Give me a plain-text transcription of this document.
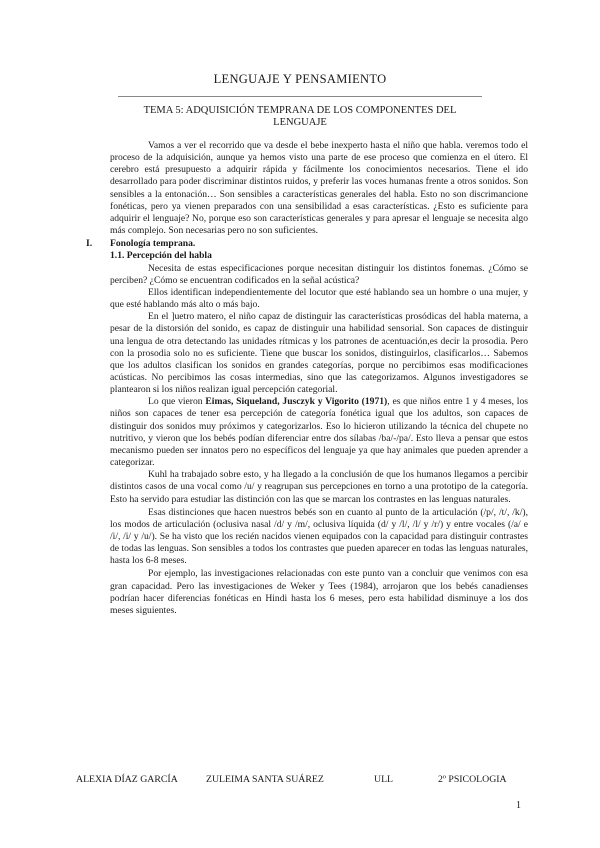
LENGUAJE Y PENSAMIENTO
TEMA 5: ADQUISICIÓN TEMPRANA DE LOS COMPONENTES DEL LENGUAJE

Vamos a ver el recorrido que va desde el bebe inexperto hasta el niño que habla. veremos todo el proceso de la adquisición, aunque ya hemos visto una parte de ese proceso que comienza en el útero. El cerebro está presupuesto a adquirir rápida y fácilmente los conocimientos necesarios. Tiene el ido desarrollado para poder discriminar distintos ruidos, y preferir las voces humanas frente a otros sonidos. Son sensibles a la entonación… Son sensibles a características generales del habla. Esto no son discrimancione fonéticas, pero ya vienen preparados con una sensibilidad a esas características. ¿Esto es suficiente para adquirir el lenguaje? No, porque eso son características generales y para apresar el lenguaje se necesita algo más complejo. Son necesarias pero no son suficientes.

I. Fonología temprana.
1.1. Percepción del habla

Necesita de estas especificaciones porque necesitan distinguir los distintos fonemas. ¿Cómo se perciben? ¿Cómo se encuentran codificados en la señal acústica?

Ellos identifican independientemente del locutor que esté hablando sea un hombre o una mujer, y que esté hablando más alto o más bajo.

En el ]uetro matero, el niño capaz de distinguir las características prosódicas del habla materna, a pesar de la distorsión del sonido, es capaz de distinguir una habilidad sensorial. Son capaces de distinguir una lengua de otra detectando las unidades rítmicas y los patrones de acentuación,es decir la prosodia. Pero con la prosodia solo no es suficiente. Tiene que buscar los sonidos, distinguirlos, clasificarlos… Sabemos que los adultos clasifican los sonidos en grandes categorías, porque no percibimos esas modificaciones acústicas. No percibimos las cosas intermedias, sino que las categorizamos. Algunos investigadores se plantearon si los niños realizan igual percepción categorial.

Lo que vieron Eimas, Siqueland, Jusczyk y Vigorito (1971), es que niños entre 1 y 4 meses, los niños son capaces de tener esa percepción de categoría fonética igual que los adultos, son capaces de distinguir dos sonidos muy próximos y categorizarlos. Eso lo hicieron utilizando la técnica del chupete no nutritivo, y vieron que los bebés podían diferenciar entre dos sílabas /ba/-/pa/. Esto lleva a pensar que estos mecanismo pueden ser innatos pero no específicos del lenguaje ya que hay animales que pueden aprender a categorizar.

Kuhl ha trabajado sobre esto, y ha llegado a la conclusión de que los humanos llegamos a percibir distintos casos de una vocal como /u/ y reagrupan sus percepciones en torno a una prototipo de la categoría. Esto ha servido para estudiar las distinción con las que se marcan los contrastes en las lenguas naturales.

Esas distinciones que hacen nuestros bebés son en cuanto al punto de la articulación (/p/, /t/, /k/), los modos de articulación (oclusiva nasal /d/ y /m/, oclusiva líquida (d/ y /l/, /l/ y /r/) y entre vocales (/a/ e /i/, /i/ y /u/). Se ha visto que los recién nacidos vienen equipados con la capacidad para distinguir contrastes de todas las lenguas. Son sensibles a todos los contrastes que pueden aparecer en todas las lenguas naturales, hasta los 6-8 meses.

Por ejemplo, las investigaciones relacionadas con este punto van a concluir que venimos con esa gran capacidad. Pero las investigaciones de Weker y Tees (1984), arrojaron que los bebés canadienses podrían hacer diferencias fonéticas en Hindi hasta los 6 meses, pero esta habilidad disminuye a los dos meses siguientes.

ALEXIA DÍAZ GARCÍA	ZULEIMA SANTA SUÁREZ	ULL	2º PSICOLOGIA
1
